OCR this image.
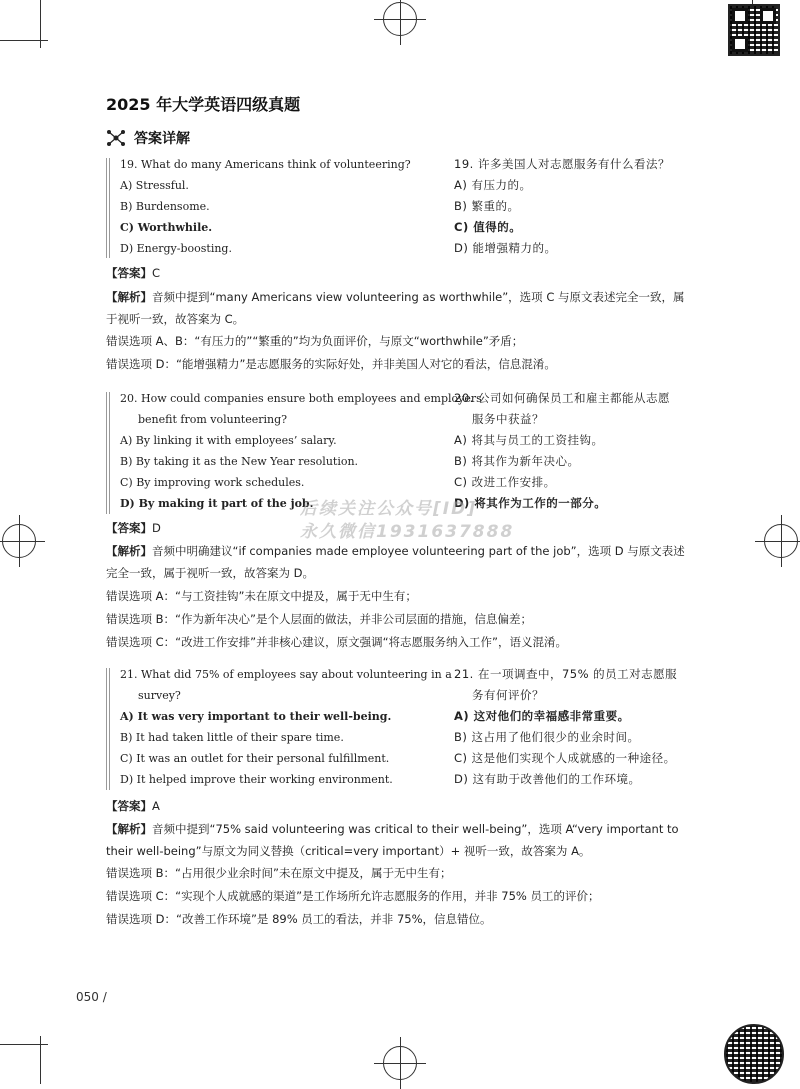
2025 年大学英语四级真题
答案详解
19. What do many Americans think of volunteering?
A) Stressful.
B) Burdensome.
C) Worthwhile.
D) Energy-boosting.
19. 许多美国人对志愿服务有什么看法？
A) 有压力的。
B) 繁重的。
C) 值得的。
D) 能增强精力的。
【答案】C
【解析】音频中提到“many Americans view volunteering as worthwhile”，选项 C 与原文表述完全一致，属于视听一致，故答案为 C。
错误选项 A、B：“有压力的”“繁重的”均为负面评价，与原文“worthwhile”矛盾；
错误选项 D：“能增强精力”是志愿服务的实际好处，并非美国人对它的看法，信息混淆。
20. How could companies ensure both employees and employers
benefit from volunteering?
A) By linking it with employees’ salary.
B) By taking it as the New Year resolution.
C) By improving work schedules.
D) By making it part of the job.
20. 公司如何确保员工和雇主都能从志愿
服务中获益？
A) 将其与员工的工资挂钩。
B) 将其作为新年决心。
C) 改进工作安排。
D) 将其作为工作的一部分。
【答案】D
【解析】音频中明确建议“if companies made employee volunteering part of the job”，选项 D 与原文表述完全一致，属于视听一致，故答案为 D。
错误选项 A：“与工资挂钩”未在原文中提及，属于无中生有；
错误选项 B：“作为新年决心”是个人层面的做法，并非公司层面的措施，信息偏差；
错误选项 C：“改进工作安排”并非核心建议，原文强调“将志愿服务纳入工作”，语义混淆。
21. What did 75% of employees say about volunteering in a
survey?
A) It was very important to their well-being.
B) It had taken little of their spare time.
C) It was an outlet for their personal fulfillment.
D) It helped improve their working environment.
21. 在一项调查中，75% 的员工对志愿服
务有何评价？
A) 这对他们的幸福感非常重要。
B) 这占用了他们很少的业余时间。
C) 这是他们实现个人成就感的一种途径。
D) 这有助于改善他们的工作环境。
【答案】A
【解析】音频中提到“75% said volunteering was critical to their well-being”，选项 A“very important to their well-being”与原文为同义替换（critical=very important）+ 视听一致，故答案为 A。
错误选项 B：“占用很少业余时间”未在原文中提及，属于无中生有；
错误选项 C：“实现个人成就感的渠道”是工作场所允许志愿服务的作用，并非 75% 员工的评价；
错误选项 D：“改善工作环境”是 89% 员工的看法，并非 75%，信息错位。
后续关注公众号[ID]
永久微信1931637888
050 /
